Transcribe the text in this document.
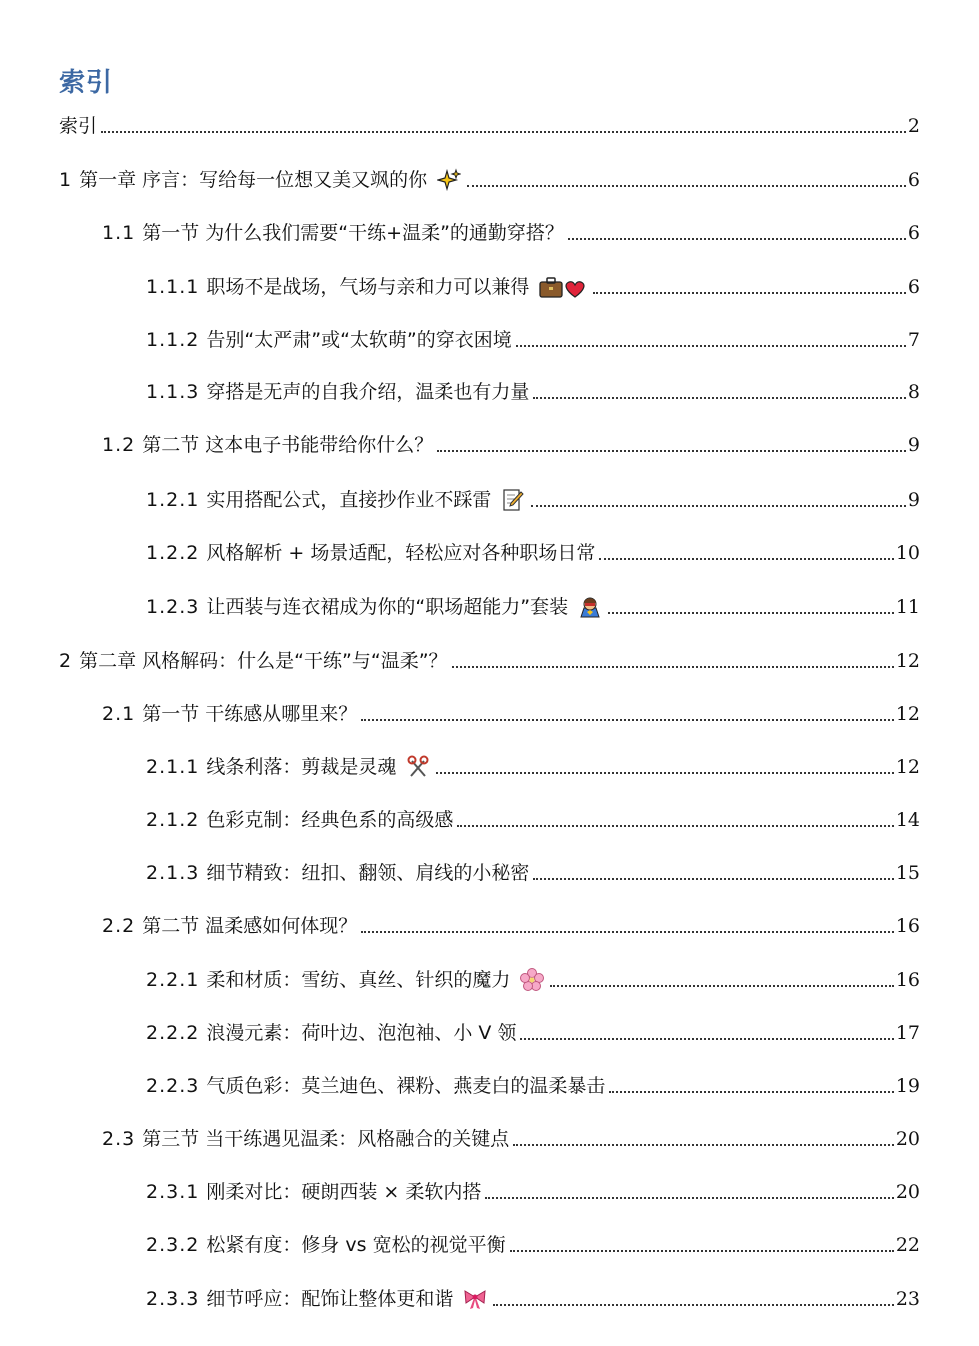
索引
索引	2
1 第一章 序言：写给每一位想又美又飒的你	6
1.1 第一节 为什么我们需要“干练+温柔”的通勤穿搭？	6
1.1.1 职场不是战场，气场与亲和力可以兼得	6
1.1.2 告别“太严肃”或“太软萌”的穿衣困境	7
1.1.3 穿搭是无声的自我介绍，温柔也有力量	8
1.2 第二节 这本电子书能带给你什么？	9
1.2.1 实用搭配公式，直接抄作业不踩雷	9
1.2.2 风格解析 + 场景适配，轻松应对各种职场日常	10
1.2.3 让西装与连衣裙成为你的“职场超能力”套装	11
2 第二章 风格解码：什么是“干练”与“温柔”？	12
2.1 第一节 干练感从哪里来？	12
2.1.1 线条利落：剪裁是灵魂	12
2.1.2 色彩克制：经典色系的高级感	14
2.1.3 细节精致：纽扣、翻领、肩线的小秘密	15
2.2 第二节 温柔感如何体现？	16
2.2.1 柔和材质：雪纺、真丝、针织的魔力	16
2.2.2 浪漫元素：荷叶边、泡泡袖、小 V 领	17
2.2.3 气质色彩：莫兰迪色、裸粉、燕麦白的温柔暴击	19
2.3 第三节 当干练遇见温柔：风格融合的关键点	20
2.3.1 刚柔对比：硬朗西装 × 柔软内搭	20
2.3.2 松紧有度：修身 vs 宽松的视觉平衡	22
2.3.3 细节呼应：配饰让整体更和谐	23
